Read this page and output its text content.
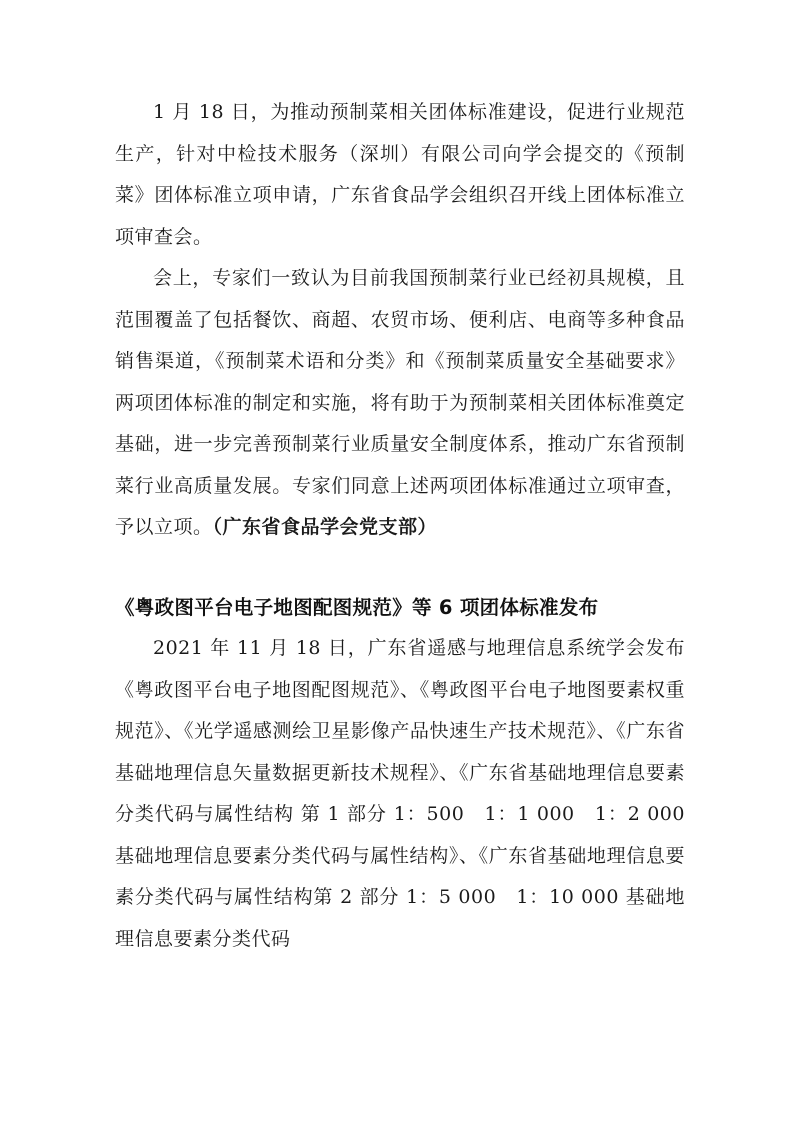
1 月 18 日，为推动预制菜相关团体标准建设，促进行业规范生产，针对中检技术服务（深圳）有限公司向学会提交的《预制菜》团体标准立项申请，广东省食品学会组织召开线上团体标准立项审查会。

会上，专家们一致认为目前我国预制菜行业已经初具规模，且范围覆盖了包括餐饮、商超、农贸市场、便利店、电商等多种食品销售渠道，《预制菜术语和分类》和《预制菜质量安全基础要求》两项团体标准的制定和实施，将有助于为预制菜相关团体标准奠定基础，进一步完善预制菜行业质量安全制度体系，推动广东省预制菜行业高质量发展。专家们同意上述两项团体标准通过立项审查，予以立项。（广东省食品学会党支部）

《粤政图平台电子地图配图规范》等 6 项团体标准发布

2021 年 11 月 18 日，广东省遥感与地理信息系统学会发布《粤政图平台电子地图配图规范》、《粤政图平台电子地图要素权重规范》、《光学遥感测绘卫星影像产品快速生产技术规范》、《广东省基础地理信息矢量数据更新技术规程》、《广东省基础地理信息要素分类代码与属性结构 第 1 部分 1：500　1：1 000　1：2 000 基础地理信息要素分类代码与属性结构》、《广东省基础地理信息要素分类代码与属性结构第 2 部分 1：5 000　1：10 000 基础地理信息要素分类代码
